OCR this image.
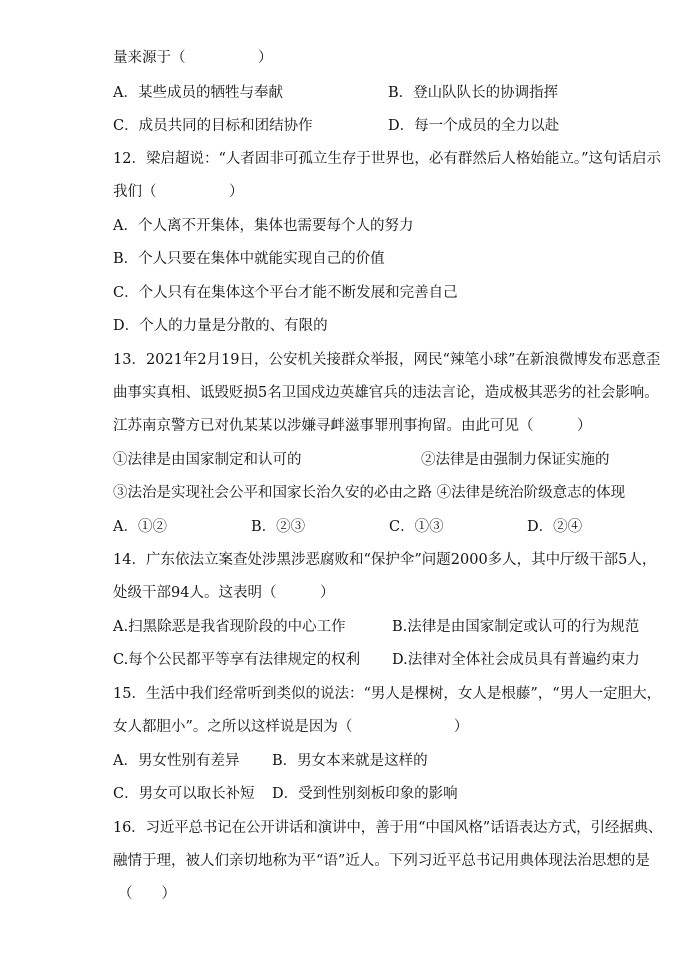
量来源于（　　　　　）
A．某些成员的牺牲与奉献	B．登山队队长的协调指挥
C．成员共同的目标和团结协作	D．每一个成员的全力以赴
12．梁启超说：“人者固非可孤立生存于世界也，必有群然后人格始能立。”这句话启示
我们（　　　　　）
A．个人离不开集体，集体也需要每个人的努力
B．个人只要在集体中就能实现自己的价值
C．个人只有在集体这个平台才能不断发展和完善自己
D．个人的力量是分散的、有限的
13．2021年2月19日，公安机关接群众举报，网民“辣笔小球”在新浪微博发布恶意歪
曲事实真相、诋毁贬损5名卫国戍边英雄官兵的违法言论，造成极其恶劣的社会影响。
江苏南京警方已对仇某某以涉嫌寻衅滋事罪刑事拘留。由此可见（　　　）
①法律是由国家制定和认可的	②法律是由强制力保证实施的
③法治是实现社会公平和国家长治久安的必由之路 ④法律是统治阶级意志的体现
A．①②	B．②③	C．①③	D．②④
14．广东依法立案查处涉黑涉恶腐败和“保护伞”问题2000多人，其中厅级干部5人，
处级干部94人。这表明（　　　）
A.扫黑除恶是我省现阶段的中心工作	B.法律是由国家制定或认可的行为规范
C.每个公民都平等享有法律规定的权利 D.法律对全体社会成员具有普遍约束力
15．生活中我们经常听到类似的说法：“男人是棵树，女人是根藤”，“男人一定胆大，
女人都胆小”。之所以这样说是因为（　　　　　　　）
A．男女性别有差异 B．男女本来就是这样的
C．男女可以取长补短 D．受到性别刻板印象的影响
16．习近平总书记在公开讲话和演讲中，善于用“中国风格”话语表达方式，引经据典、
融情于理，被人们亲切地称为平“语”近人。下列习近平总书记用典体现法治思想的是
（　　）
